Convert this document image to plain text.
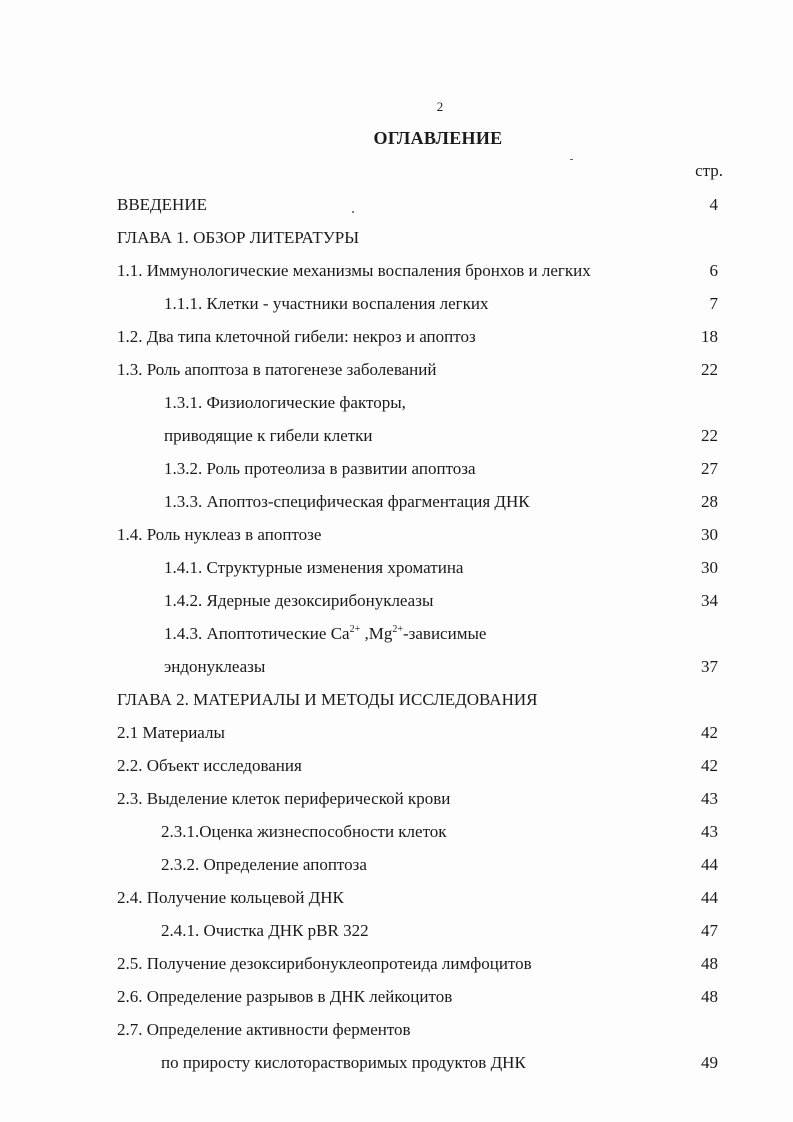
2
ОГЛАВЛЕНИЕ
стр.
ВВЕДЕНИЕ	4
ГЛАВА 1. ОБЗОР ЛИТЕРАТУРЫ
1.1. Иммунологические механизмы воспаления бронхов и легких	6
1.1.1. Клетки - участники воспаления легких	7
1.2. Два типа клеточной гибели: некроз и апоптоз	18
1.3. Роль апоптоза в патогенезе заболеваний	22
1.3.1. Физиологические факторы,
приводящие к гибели клетки	22
1.3.2. Роль протеолиза в развитии апоптоза	27
1.3.3. Апоптоз-специфическая фрагментация ДНК	28
1.4. Роль нуклеаз в апоптозе	30
1.4.1. Структурные изменения хроматина	30
1.4.2. Ядерные дезоксирибонуклеазы	34
1.4.3. Апоптотические $Ca^{2+}$ $,Mg^{2+}$-зависимые
эндонуклеазы	37
ГЛАВА 2. МАТЕРИАЛЫ И МЕТОДЫ ИССЛЕДОВАНИЯ
2.1 Материалы	42
2.2. Объект исследования	42
2.3. Выделение клеток периферической крови	43
2.3.1.Оценка жизнеспособности клеток	43
2.3.2. Определение апоптоза	44
2.4. Получение кольцевой ДНК	44
2.4.1. Очистка ДНК pBR 322	47
2.5. Получение дезоксирибонуклеопротеида лимфоцитов	48
2.6. Определение разрывов в ДНК лейкоцитов	48
2.7. Определение активности ферментов
по приросту кислоторастворимых продуктов ДНК	49
